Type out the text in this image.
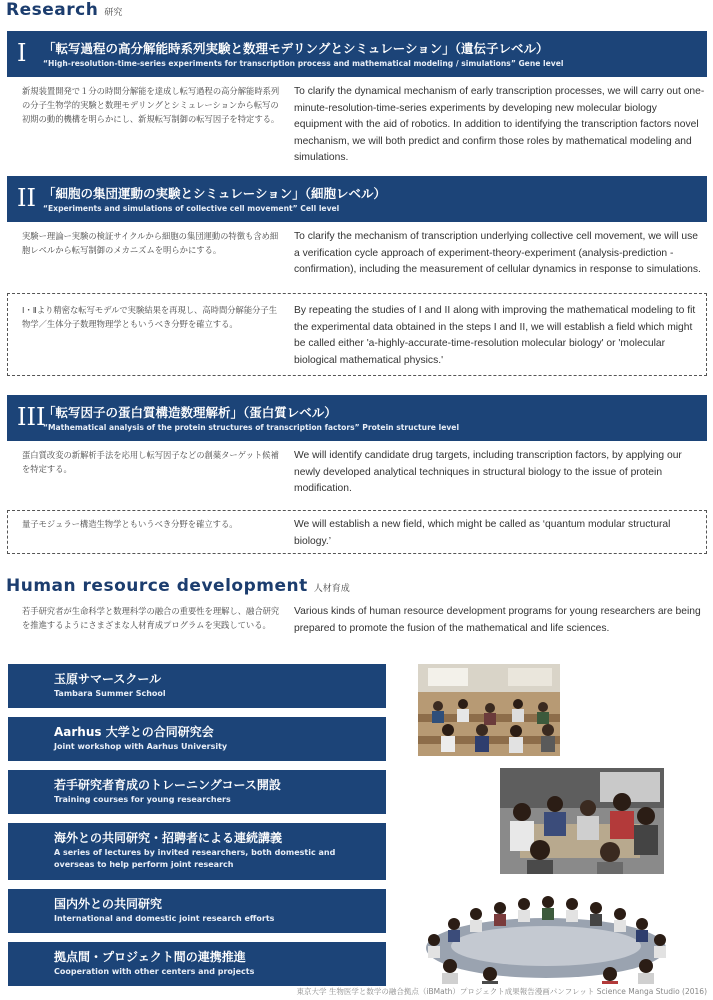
Research 研究
I 「転写過程の高分解能時系列実験と数理モデリングとシミュレーション」（遺伝子レベル）
“High-resolution-time-series experiments for transcription process and mathematical modeling / simulations” Gene level
新規装置開発で１分の時間分解能を達成し転写過程の高分解能時系列の分子生物学的実験と数理モデリングとシミュレーションから転写の初期の動的機構を明らかにし、新規転写制御の転写因子を特定する。
To clarify the dynamical mechanism of early transcription processes, we will carry out one-minute-resolution-time-series experiments by developing new molecular biology equipment with the aid of robotics. In addition to identifying the transcription factors novel mechanism, we will both predict and confirm those roles by mathematical modeling and simulations.
II 「細胞の集団運動の実験とシミュレーション」（細胞レベル）
“Experiments and simulations of collective cell movement” Cell level
実験ー理論ー実験の検証サイクルから細胞の集団運動の特徴も含め細胞レベルから転写制御のメカニズムを明らかにする。
To clarify the mechanism of transcription underlying collective cell movement, we will use a verification cycle approach of experiment-theory-experiment (analysis-prediction -confirmation), including the measurement of cellular dynamics in response to simulations.
Ⅰ・Ⅱより精密な転写モデルで実験結果を再現し、高時間分解能分子生物学／生体分子数理物理学ともいうべき分野を確立する。
By repeating the studies of I and II along with improving the mathematical modeling to fit the experimental data obtained in the steps I and II, we will establish a field which might be called either 'a-highly-accurate-time-resolution molecular biology' or 'molecular biological mathematical physics.'
III
「転写因子の蛋白質構造数理解析」（蛋白質レベル）
“Mathematical analysis of the protein structures of transcription factors” Protein structure level
蛋白質改変の新解析手法を応用し転写因子などの創薬ターゲット候補を特定する。
We will identify candidate drug targets, including transcription factors, by applying our newly developed analytical techniques in structural biology to the issue of protein modification.
量子モジュラー構造生物学ともいうべき分野を確立する。	We will establish a new field, which might be called as ‘quantum modular structural biology.’
Human resource development 人材育成
若手研究者が生命科学と数理科学の融合の重要性を理解し、融合研究を推進するようにさまざまな人材育成プログラムを実践している。
Various kinds of human resource development programs for young researchers are being prepared to promote the fusion of the mathematical and life sciences.
玉原サマースクール
Tambara Summer School
Aarhus 大学との合同研究会
Joint workshop with Aarhus University
若手研究者育成のトレーニングコース開設
Training courses for young researchers
海外との共同研究・招聘者による連続講義
A series of lectures by invited researchers, both domestic and overseas to help perform joint research
国内外との共同研究
International and domestic joint research efforts
拠点間・プロジェクト間の連携推進
Cooperation with other centers and projects
東京大学 生物医学と数学の融合拠点（iBMath）プロジェクト成果報告漫画パンフレット Science Manga Studio (2016)
